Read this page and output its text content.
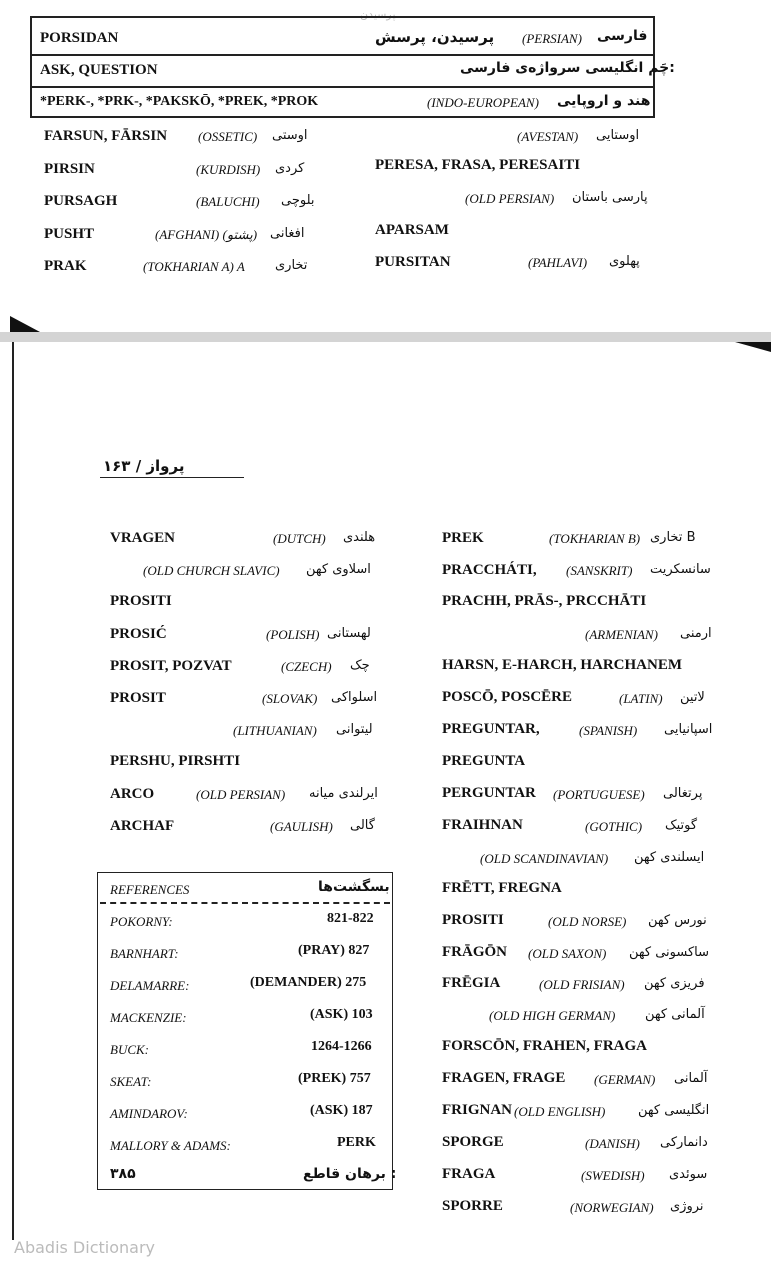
پرسیدن
PORSIDAN	پرسیدن، پرسش (PERSIAN) فارسی
ASK, QUESTION	چَم انگلیسی سرواژه‌ی فارسی:
*PERK-, *PRK-, *PAKSKŌ, *PREK, *PROK	(INDO-EUROPEAN) هند و اروپایی
FARSUN, FĀRSIN (OSSETIC) اوستی
PIRSIN	(KURDISH) کردی
PURSAGH	(BALUCHI) بلوچی
PUSHT	(AFGHANI) (پشتو) افغانی
PRAK	(TOKHARIAN A) A تخاری
(AVESTAN) اوستایی
PERESA, FRASA, PERESAITI
(OLD PERSIAN) پارسی باستان
APARSAM
PURSITAN	(PAHLAVI) پهلوی
پرواز / ۱۶۳
VRAGEN	(DUTCH) هلندی
(OLD CHURCH SLAVIC) اسلاوی کهن
PROSITI
PROSIĆ	(POLISH) لهستانی
PROSIT, POZVAT	(CZECH) چک
PROSIT	(SLOVAK) اسلواکی
(LITHUANIAN) لیتوانی
PERSHU, PIRSHTI
ARCO	(OLD PERSIAN) ایرلندی میانه
ARCHAF	(GAULISH) گالی
REFERENCES	بسگشت‌ها
POKORNY:	821-822
BARNHART:	(PRAY) 827
DELAMARRE:	(DEMANDER) 275
MACKENZIE:	(ASK) 103
BUCK:	1264-1266
SKEAT:	(PREK) 757
AMINDAROV:	(ASK) 187
MALLORY & ADAMS:	PERK
۳۸۵	برهان قاطع :
PREK	(TOKHARIAN B) تخاری B
PRACCHÁTI, (SANSKRIT) سانسکریت
PRACHH, PRĀS-, PRCCHĀTI
(ARMENIAN) ارمنی
HARSN, E-HARCH, HARCHANEM
POSCŌ, POSCĒRE	(LATIN) لاتین
PREGUNTAR,	(SPANISH) اسپانیایی
PREGUNTA
PERGUNTAR (PORTUGUESE) پرتغالی
FRAIHNAN	(GOTHIC) گوتیک
(OLD SCANDINAVIAN) ایسلندی کهن
FRĒTT, FREGNA
PROSITI	(OLD NORSE) نورس کهن
FRĀGŌN (OLD SAXON) ساکسونی کهن
FRĒGIA	(OLD FRISIAN) فریزی کهن
(OLD HIGH GERMAN) آلمانی کهن
FORSCŌN, FRAHEN, FRAGA
FRAGEN, FRAGE (GERMAN) آلمانی
FRIGNAN (OLD ENGLISH)	انگلیسی کهن
SPORGE	(DANISH) دانمارکی
FRAGA	(SWEDISH) سوئدی
SPORRE	(NORWEGIAN) نروژی
Abadis Dictionary
